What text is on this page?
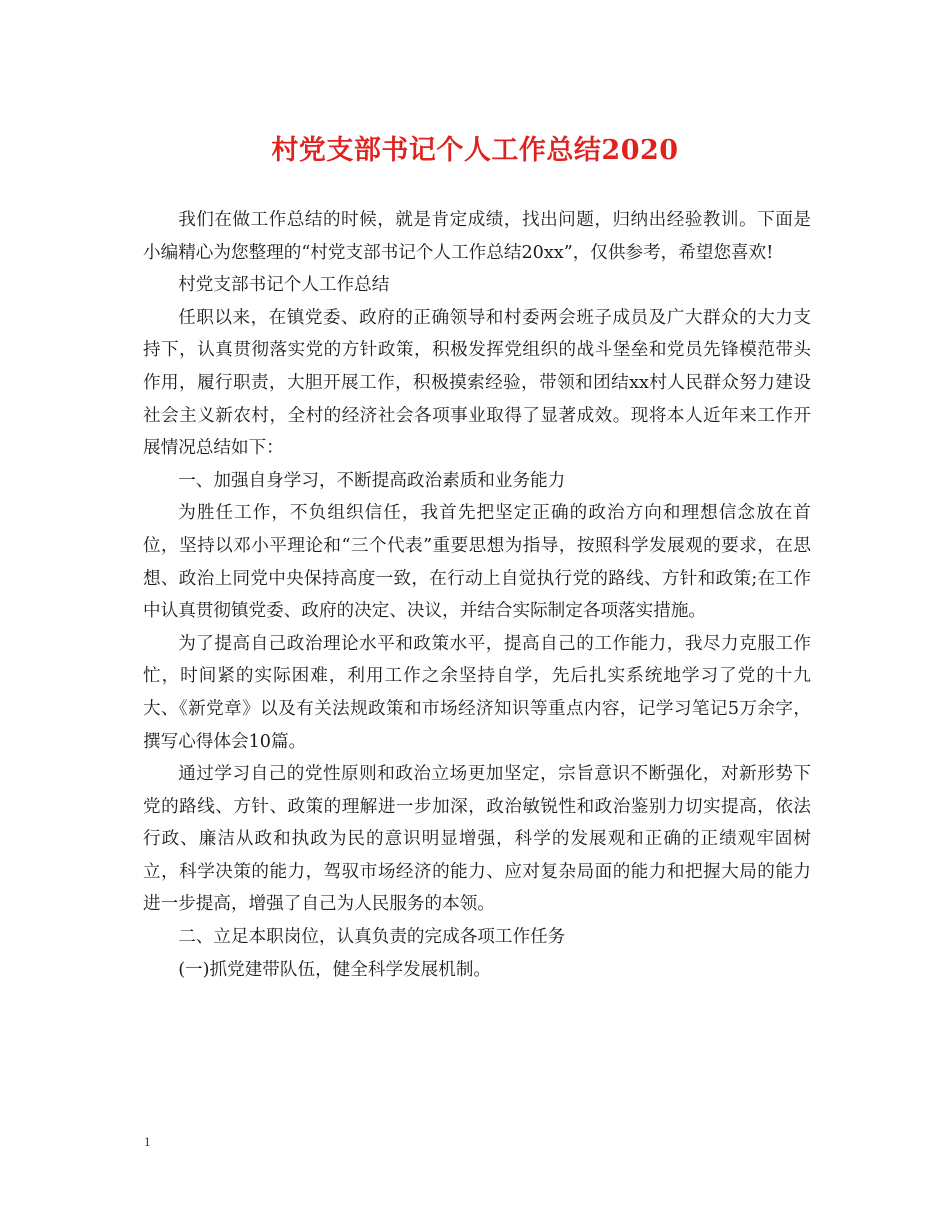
村党支部书记个人工作总结2020

我们在做工作总结的时候，就是肯定成绩，找出问题，归纳出经验教训。下面是小编精心为您整理的“村党支部书记个人工作总结20xx”，仅供参考，希望您喜欢!

村党支部书记个人工作总结

任职以来，在镇党委、政府的正确领导和村委两会班子成员及广大群众的大力支持下，认真贯彻落实党的方针政策，积极发挥党组织的战斗堡垒和党员先锋模范带头作用，履行职责，大胆开展工作，积极摸索经验，带领和团结xx村人民群众努力建设社会主义新农村，全村的经济社会各项事业取得了显著成效。现将本人近年来工作开展情况总结如下：

一、加强自身学习，不断提高政治素质和业务能力

为胜任工作，不负组织信任，我首先把坚定正确的政治方向和理想信念放在首位，坚持以邓小平理论和“三个代表”重要思想为指导，按照科学发展观的要求，在思想、政治上同党中央保持高度一致，在行动上自觉执行党的路线、方针和政策;在工作中认真贯彻镇党委、政府的决定、决议，并结合实际制定各项落实措施。

为了提高自己政治理论水平和政策水平，提高自己的工作能力，我尽力克服工作忙，时间紧的实际困难，利用工作之余坚持自学，先后扎实系统地学习了党的十九大、《新党章》以及有关法规政策和市场经济知识等重点内容，记学习笔记5万余字，撰写心得体会10篇。

通过学习自己的党性原则和政治立场更加坚定，宗旨意识不断强化，对新形势下党的路线、方针、政策的理解进一步加深，政治敏锐性和政治鉴别力切实提高，依法行政、廉洁从政和执政为民的意识明显增强，科学的发展观和正确的正绩观牢固树立，科学决策的能力，驾驭市场经济的能力、应对复杂局面的能力和把握大局的能力进一步提高，增强了自己为人民服务的本领。

二、立足本职岗位，认真负责的完成各项工作任务

(一)抓党建带队伍，健全科学发展机制。

1
